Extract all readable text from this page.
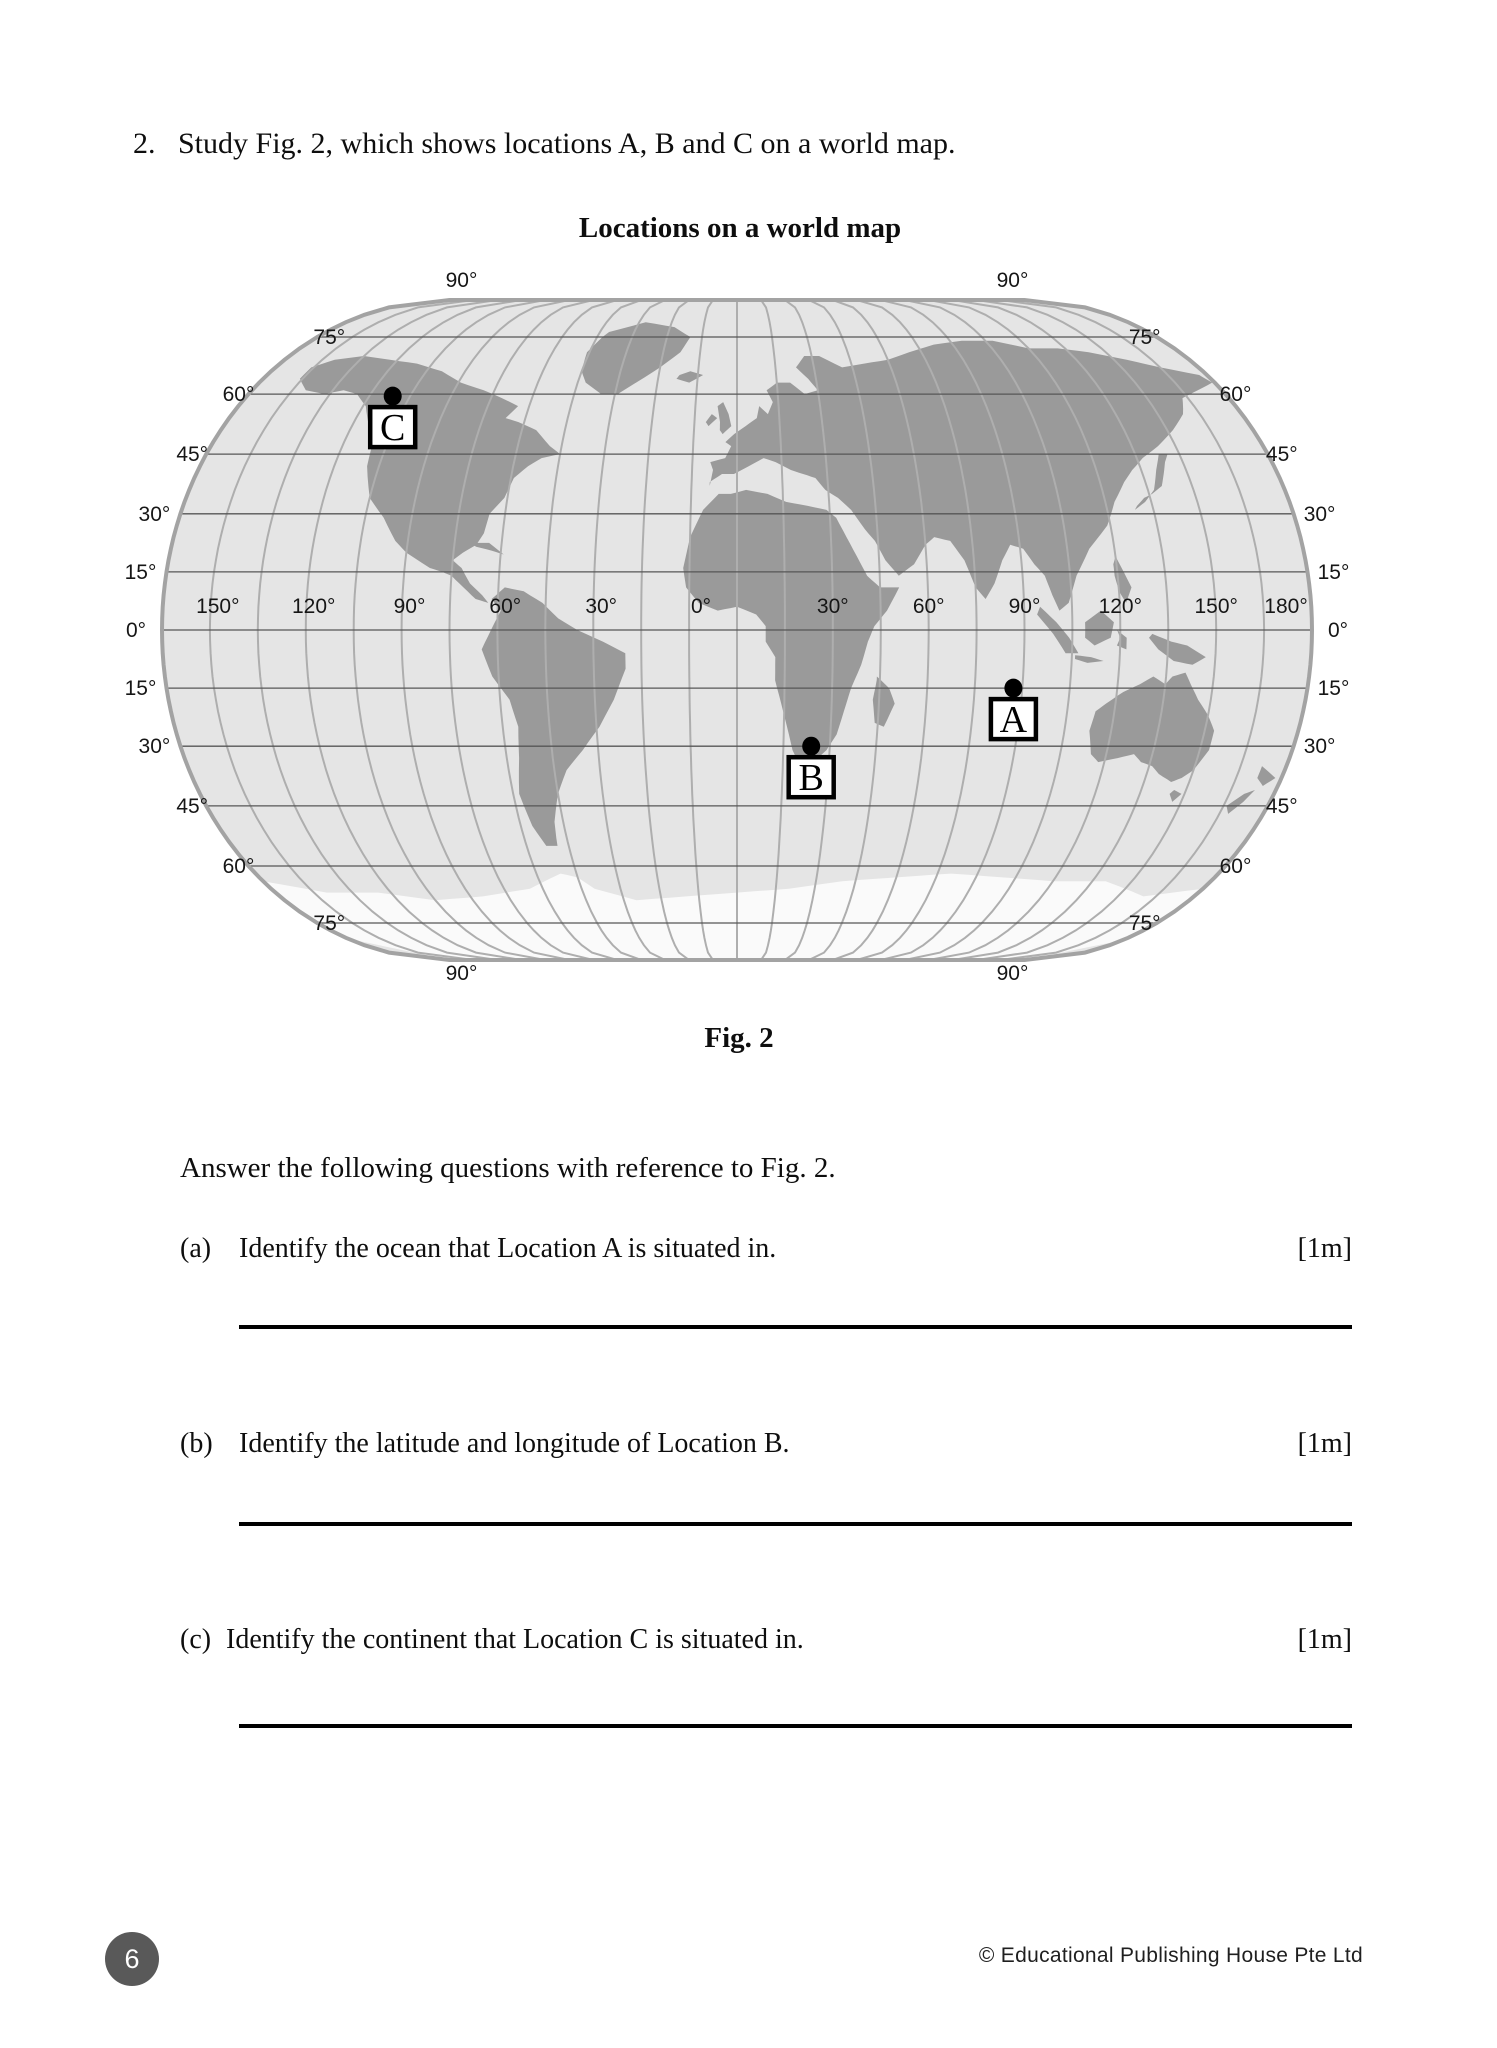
2. Study Fig. 2, which shows locations A, B and C on a world map.
Locations on a world map
90°	90°
75°	75°
60°	60°
45°	45°
30°	30°
15°	15°
0°	0°
15°	15°
30°	30°
45°	45°
60°	60°
75°	75°
90°	90°
150° 120°	90°	60°	30°	0°	30°	60°	90°	120° 150° 180°
A
B
C
Fig. 2
Answer the following questions with reference to Fig. 2.
(a) Identify the ocean that Location A is situated in.	[1m]
(b) Identify the latitude and longitude of Location B.	[1m]
(c) Identify the continent that Location C is situated in.	[1m]
6	© Educational Publishing House Pte Ltd
